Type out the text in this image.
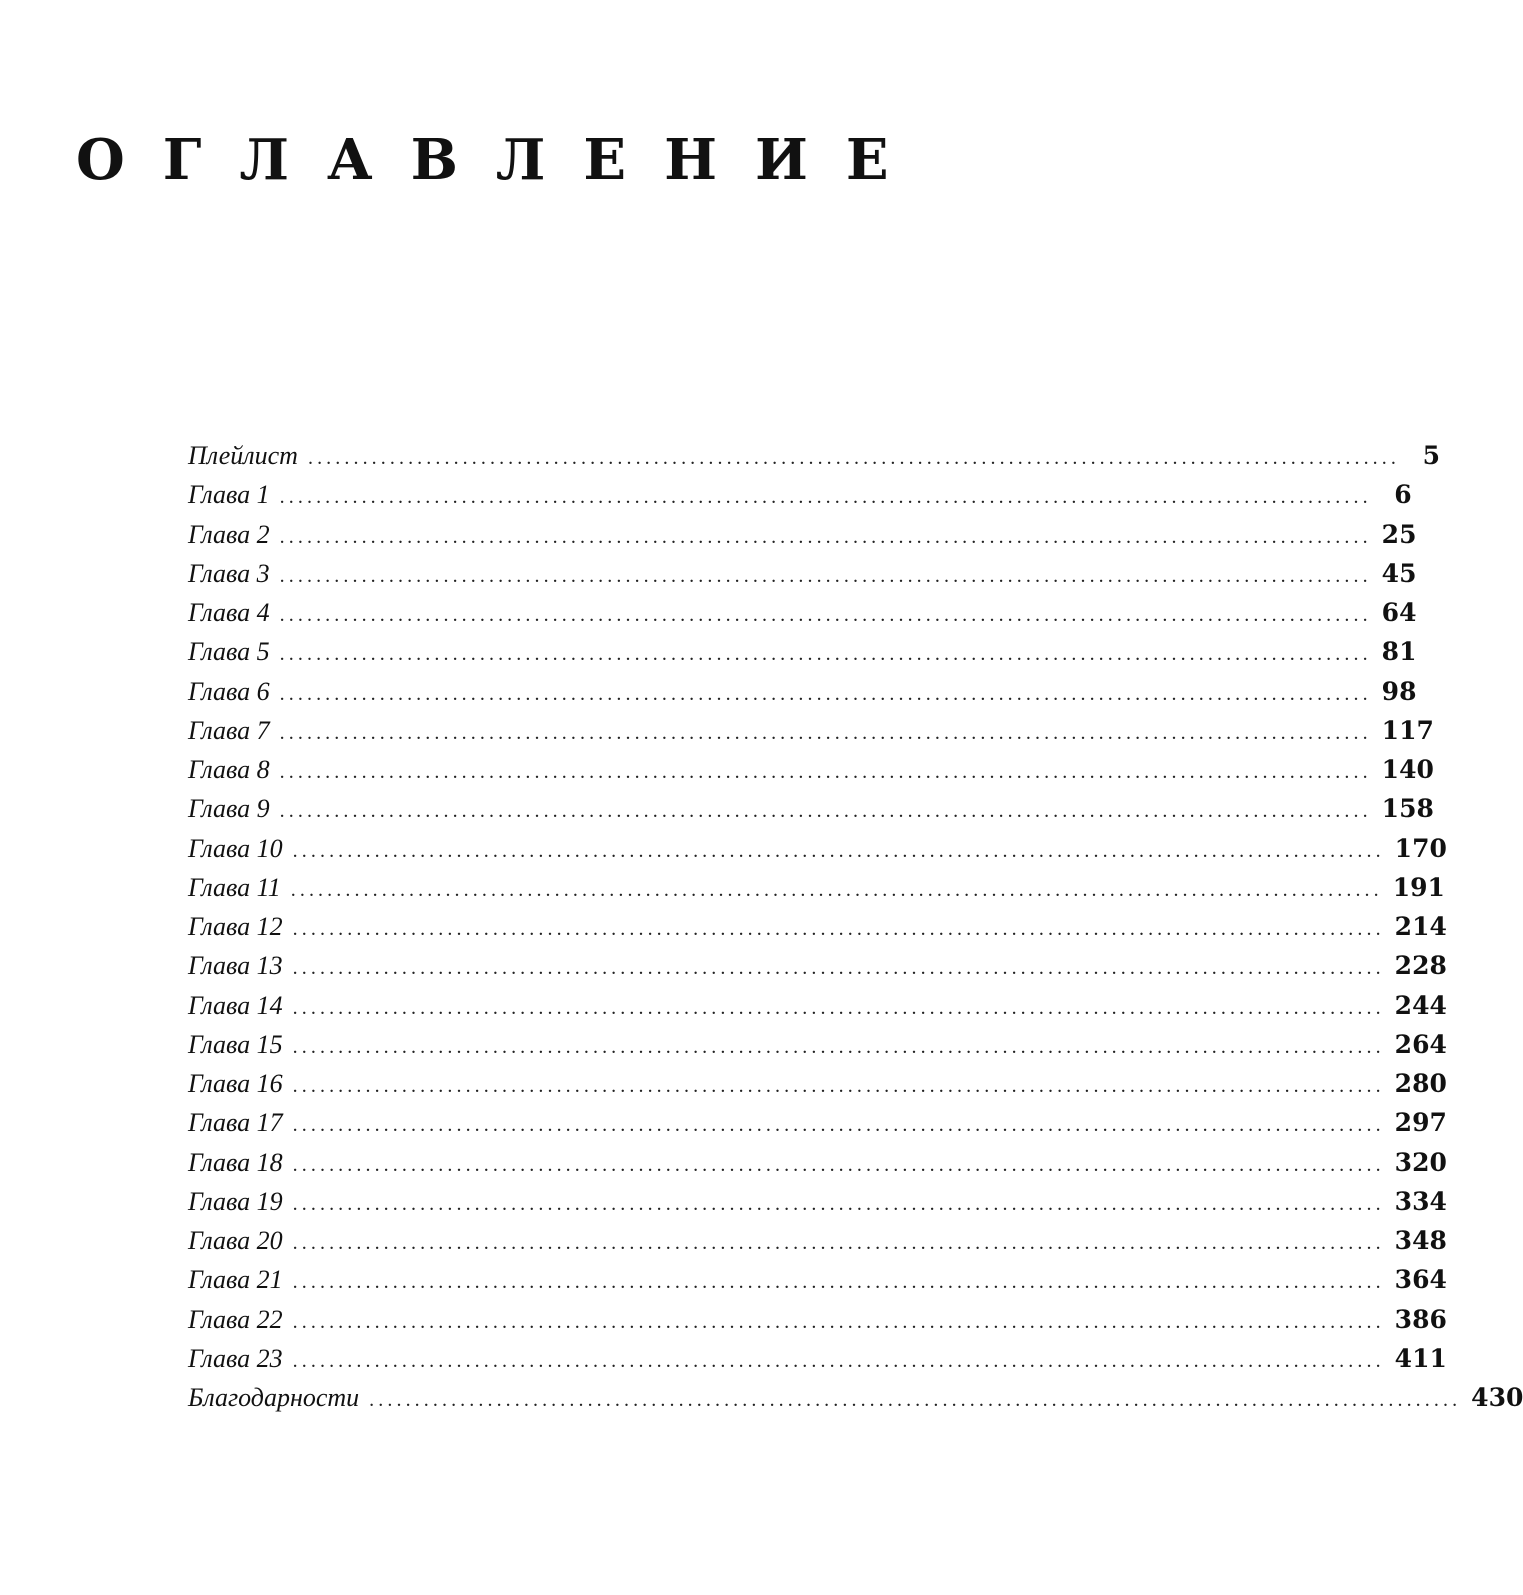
ОГЛАВЛЕНИЕ
Плейлист ........................................................................................................................ 5
Глава 1 ........................................................................................................................ 6
Глава 2 ........................................................................................................................ 25
Глава 3 ........................................................................................................................ 45
Глава 4 ........................................................................................................................ 64
Глава 5 ........................................................................................................................ 81
Глава 6 ........................................................................................................................ 98
Глава 7 ........................................................................................................................ 117
Глава 8 ........................................................................................................................ 140
Глава 9 ........................................................................................................................ 158
Глава 10 ........................................................................................................................ 170
Глава 11 ........................................................................................................................ 191
Глава 12 ........................................................................................................................ 214
Глава 13 ........................................................................................................................ 228
Глава 14 ........................................................................................................................ 244
Глава 15 ........................................................................................................................ 264
Глава 16 ........................................................................................................................ 280
Глава 17 ........................................................................................................................ 297
Глава 18 ........................................................................................................................ 320
Глава 19 ........................................................................................................................ 334
Глава 20 ........................................................................................................................ 348
Глава 21 ........................................................................................................................ 364
Глава 22 ........................................................................................................................ 386
Глава 23 ........................................................................................................................ 411
Благодарности ........................................................................................................................ 430
